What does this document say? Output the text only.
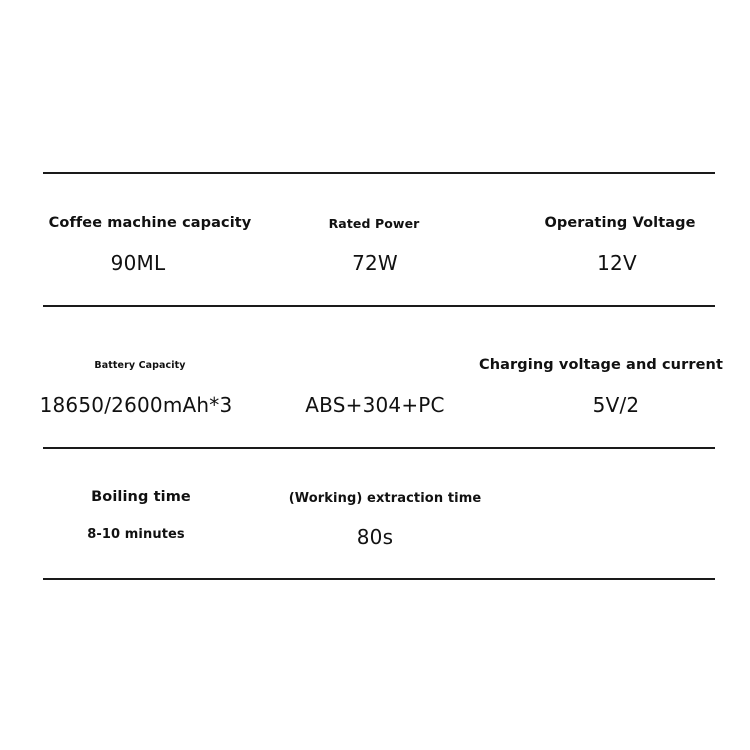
Coffee machine capacity
90ML
Rated Power
72W
Operating Voltage
12V
Battery Capacity
18650/2600mAh*3	ABS+304+PC
Charging voltage and current
5V/2
Boiling time
8-10 minutes
(Working) extraction time
80s
